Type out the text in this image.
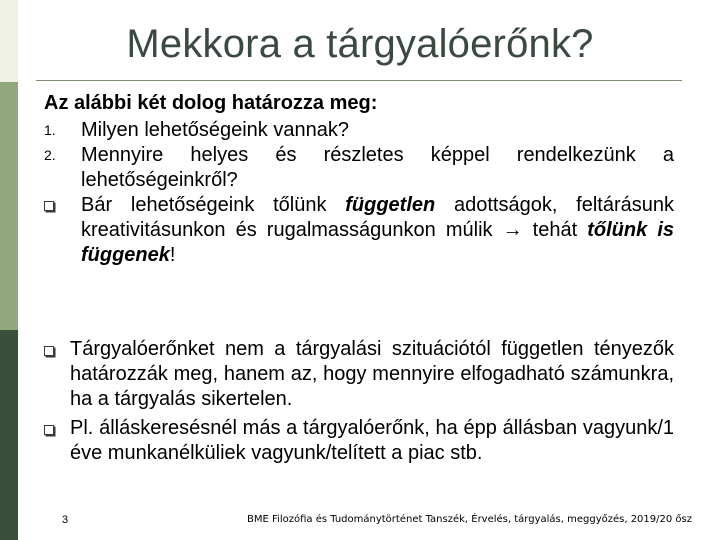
Mekkora a tárgyalóerőnk?
Az alábbi két dolog határozza meg:
1. Milyen lehetőségeink vannak?
2. Mennyire helyes és részletes képpel rendelkezünk a lehetőségeinkről?
Bár lehetőségeink tőlünk független adottságok, feltárásunk kreativitásunkon és rugalmasságunkon múlik → tehát tőlünk is függenek!
Tárgyalóerőnket nem a tárgyalási szituációtól független tényezők határozzák meg, hanem az, hogy mennyire elfogadható számunkra, ha a tárgyalás sikertelen.
Pl. álláskeresésnél más a tárgyalóerőnk, ha épp állásban vagyunk/1 éve munkanélküliek vagyunk/telített a piac stb.
3	BME Filozófia és Tudománytörténet Tanszék, Érvelés, tárgyalás, meggyőzés, 2019/20 ősz
